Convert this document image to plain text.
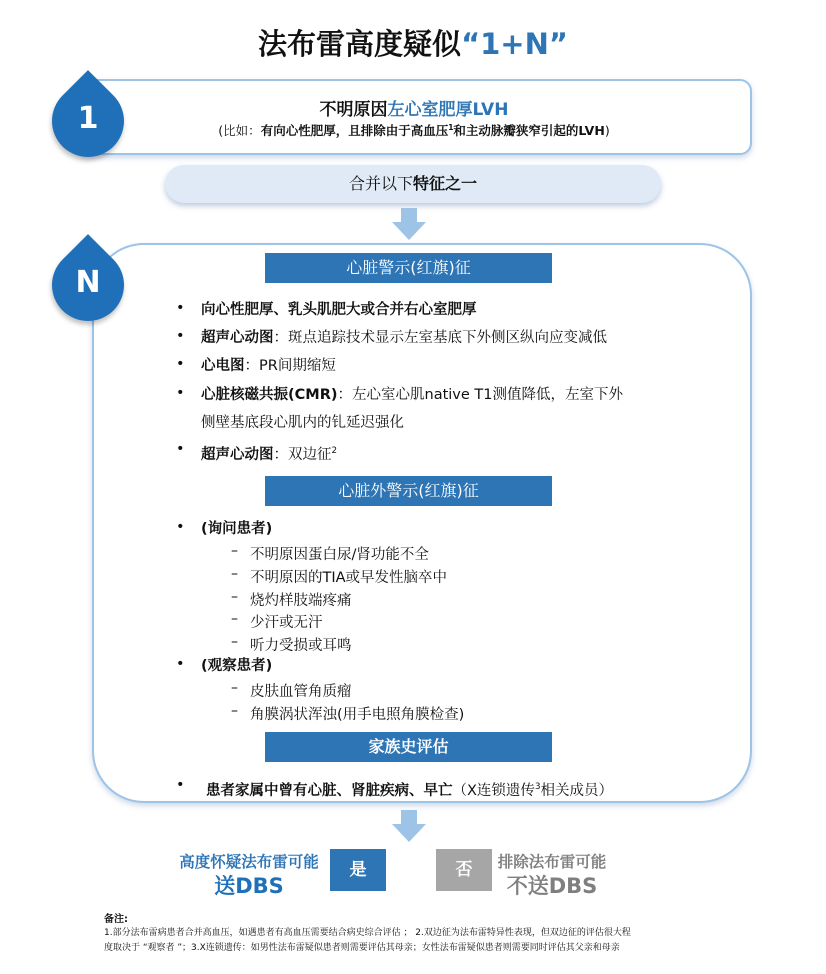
法布雷高度疑似“1+N”
1	不明原因左心室肥厚LVH
(比如：有向心性肥厚，且排除由于高血压$^1$和主动脉瓣狭窄引起的LVH)
合并以下特征之一
N	心脏警示(红旗)征
• 向心性肥厚、乳头肌肥大或合并右心室肥厚
• 超声心动图：斑点追踪技术显示左室基底下外侧区纵向应变减低
• 心电图：PR间期缩短
• 心脏核磁共振(CMR)：左心室心肌native T1测值降低，左室下外
侧壁基底段心肌内的钆延迟强化
• 超声心动图：双边征$^2$
心脏外警示(红旗)征
• (询问患者)
– 不明原因蛋白尿/肾功能不全
– 不明原因的TIA或早发性脑卒中
– 烧灼样肢端疼痛
– 少汗或无汗
– 听力受损或耳鸣
• (观察患者)
– 皮肤血管角质瘤
– 角膜涡状浑浊(用手电照角膜检查)
家族史评估
• 患者家属中曾有心脏、肾脏疾病、早亡（X连锁遗传$^3$相关成员）
高度怀疑法布雷可能
送DBS
是	否	排除法布雷可能
不送DBS
备注:
1.部分法布雷病患者合并高血压，如遇患者有高血压需要结合病史综合评估 ； 2.双边征为法布雷特异性表现，但双边征的评估很大程
度取决于 “观察者 ”；3.X连锁遗传：如男性法布雷疑似患者则需要评估其母亲；女性法布雷疑似患者则需要同时评估其父亲和母亲
